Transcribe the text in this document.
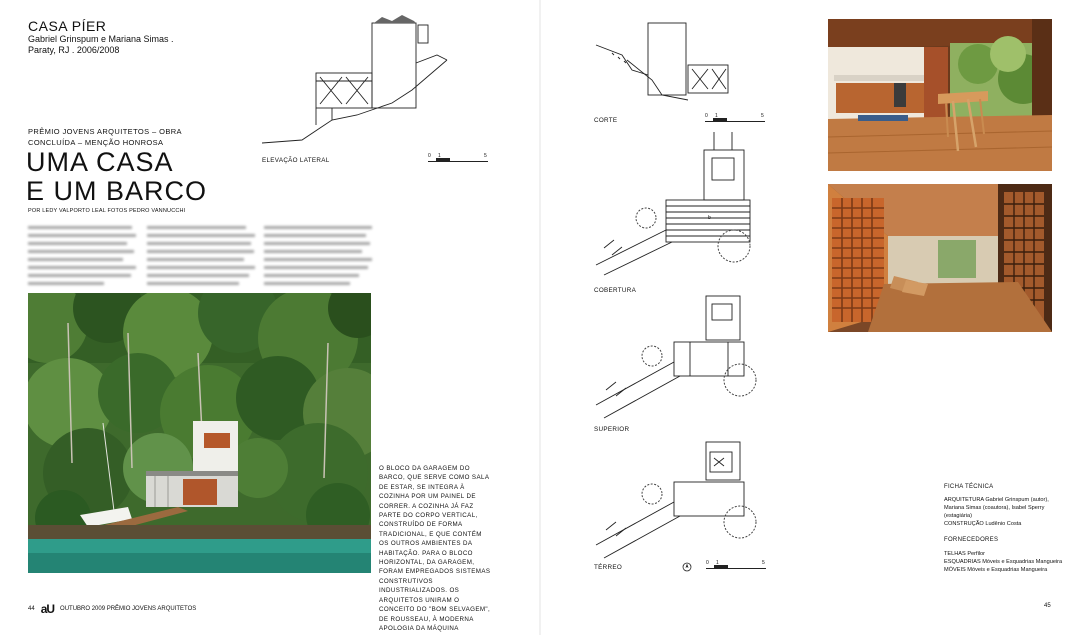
CASA PÍER
Gabriel Grinspum e Mariana Simas . Paraty, RJ . 2006/2008
PRÊMIO JOVENS ARQUITETOS – OBRA CONCLUÍDA – MENÇÃO HONROSA
UMA CASA
E UM BARCO
POR LEDY VALPORTO LEAL FOTOS PEDRO VANNUCCHI
O BLOCO DA GARAGEM DO BARCO, QUE SERVE COMO SALA DE ESTAR, SE INTEGRA À COZINHA POR UM PAINEL DE CORRER. A COZINHA JÁ FAZ PARTE DO CORPO VERTICAL, CONSTRUÍDO DE FORMA TRADICIONAL, E QUE CONTÉM OS OUTROS AMBIENTES DA HABITAÇÃO. PARA O BLOCO HORIZONTAL, DA GARAGEM, FORAM EMPREGADOS SISTEMAS CONSTRUTIVOS INDUSTRIALIZADOS. OS ARQUITETOS UNIRAM O CONCEITO DO "BOM SELVAGEM", DE ROUSSEAU, À MODERNA APOLOGIA DA MÁQUINA
ELEVAÇÃO LATERAL
0 1	5
CORTE
0 1	5
b
COBERTURA
SUPERIOR
TÉRREO
0 1	5
FICHA TÉCNICA
ARQUITETURA Gabriel Grinspum (autor), Mariana Simas (coautora), Isabel Sperry (estagiária)
CONSTRUÇÃO Ludênio Costa
FORNECEDORES
TELHAS Perfilor
ESQUADRIAS Móveis e Esquadrias Mangueira
MÓVEIS Móveis e Esquadrias Mangueira
44 aU OUTUBRO 2009 PRÊMIO JOVENS ARQUITETOS	45
